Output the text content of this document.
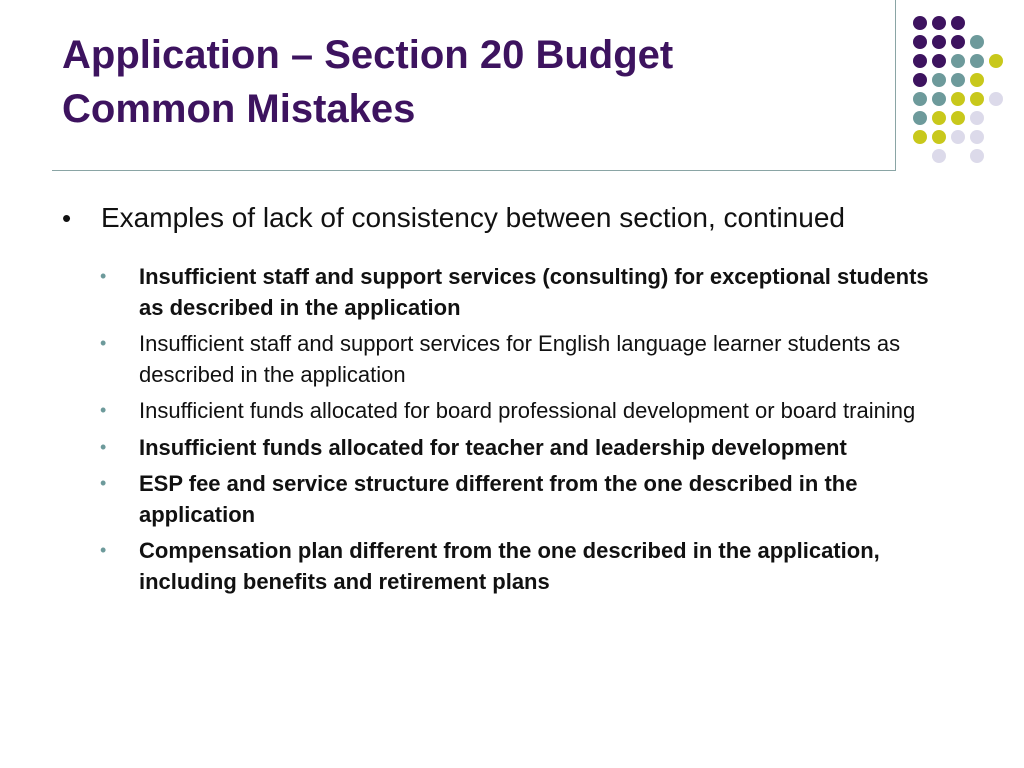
Application – Section 20 Budget
Common Mistakes
•	Examples of lack of consistency between section, continued
• Insufficient staff and support services (consulting) for exceptional students as described in the application
• Insufficient staff and support services for English language learner students as described in the application
• Insufficient funds allocated for board professional development or board training
• Insufficient funds allocated for teacher and leadership development
• ESP fee and service structure different from the one described in the application
• Compensation plan different from the one described in the application, including benefits and retirement plans
